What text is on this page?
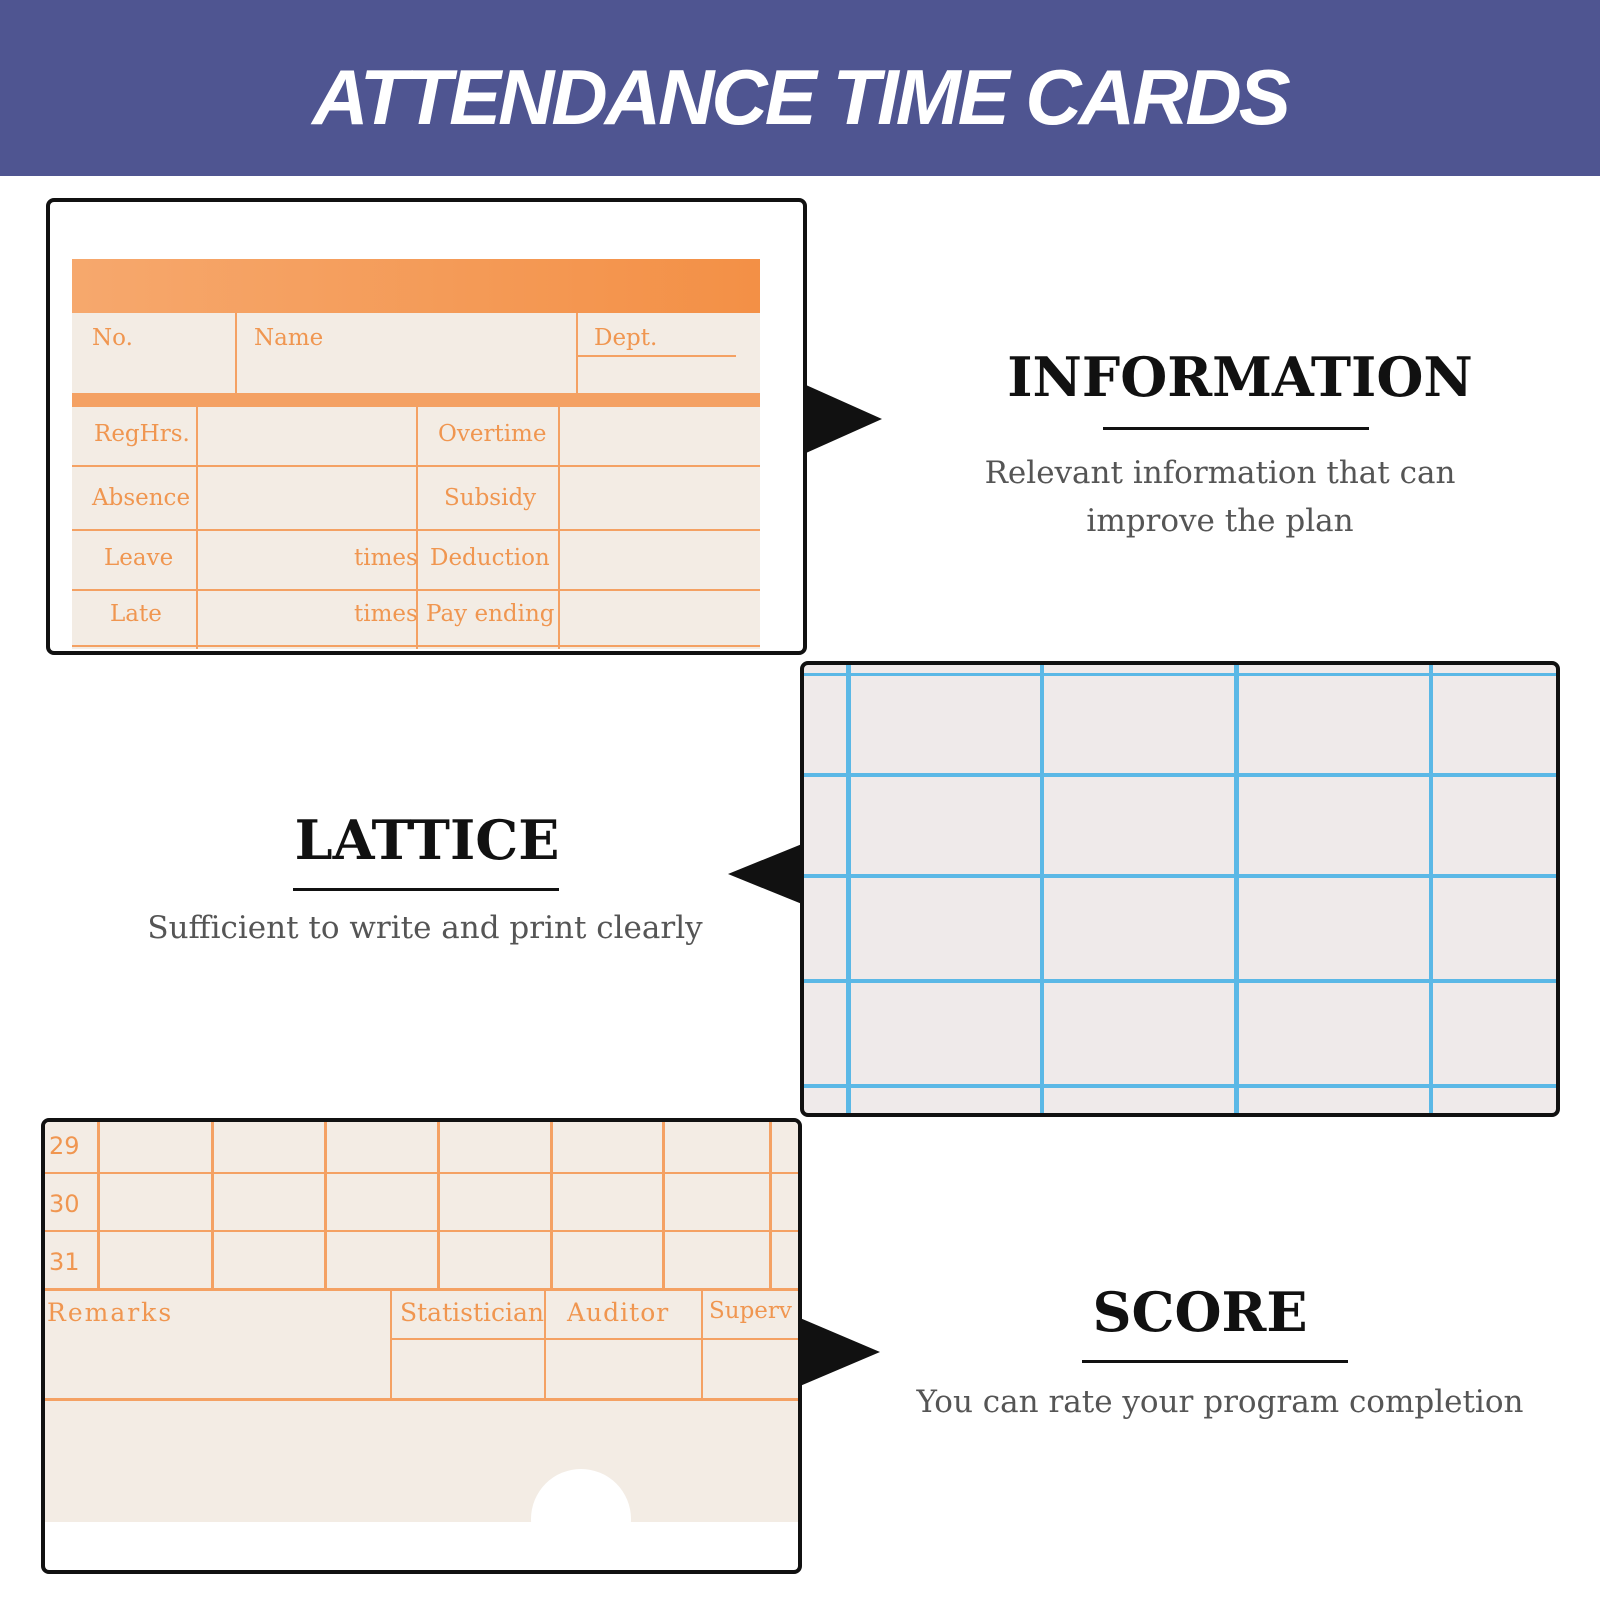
ATTENDANCE TIME CARDS
No.	Name	Dept.
RegHrs.	Overtime
Absence	Subsidy
Leave	times Deduction
Late	times Pay ending
INFORMATION
Relevant information that can improve the plan
LATTICE
Sufficient to write and print clearly
29
30
31
Remarks	Statistician Auditor Superv	SCORE
You can rate your program completion
